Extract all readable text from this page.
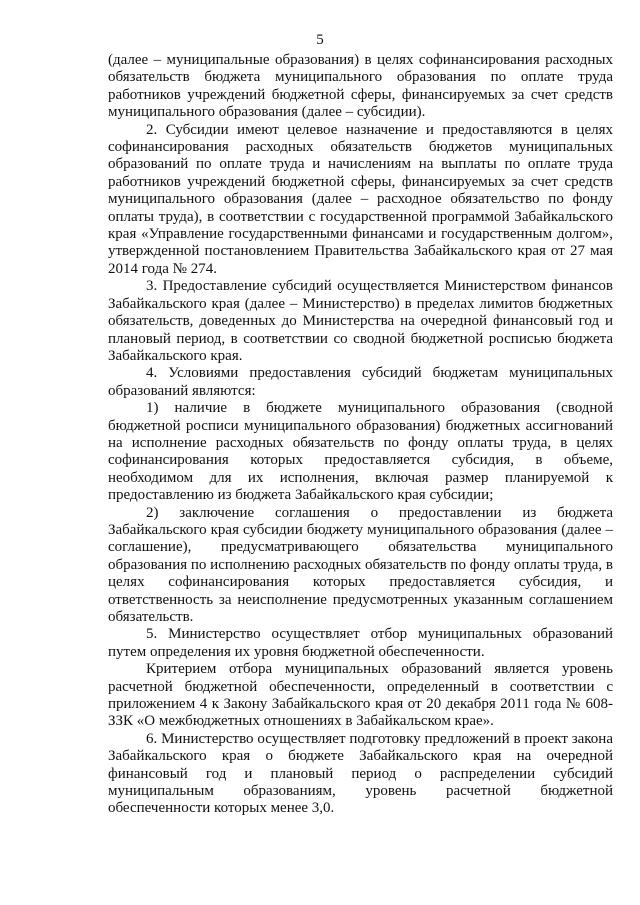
5

(далее – муниципальные образования) в целях софинансирования расходных обязательств бюджета муниципального образования по оплате труда работников учреждений бюджетной сферы, финансируемых за счет средств муниципального образования (далее – субсидии).

2. Субсидии имеют целевое назначение и предоставляются в целях софинансирования расходных обязательств бюджетов муниципальных образований по оплате труда и начислениям на выплаты по оплате труда работников учреждений бюджетной сферы, финансируемых за счет средств муниципального образования (далее – расходное обязательство по фонду оплаты труда), в соответствии с государственной программой Забайкальского края «Управление государственными финансами и государственным долгом», утвержденной постановлением Правительства Забайкальского края от 27 мая 2014 года № 274.

3. Предоставление субсидий осуществляется Министерством финансов Забайкальского края (далее – Министерство) в пределах лимитов бюджетных обязательств, доведенных до Министерства на очередной финансовый год и плановый период, в соответствии со сводной бюджетной росписью бюджета Забайкальского края.

4. Условиями предоставления субсидий бюджетам муниципальных образований являются:

1) наличие в бюджете муниципального образования (сводной бюджетной росписи муниципального образования) бюджетных ассигнований на исполнение расходных обязательств по фонду оплаты труда, в целях софинансирования которых предоставляется субсидия, в объеме, необходимом для их исполнения, включая размер планируемой к предоставлению из бюджета Забайкальского края субсидии;

2) заключение соглашения о предоставлении из бюджета Забайкальского края субсидии бюджету муниципального образования (далее – соглашение), предусматривающего обязательства муниципального образования по исполнению расходных обязательств по фонду оплаты труда, в целях софинансирования которых предоставляется субсидия, и ответственность за неисполнение предусмотренных указанным соглашением обязательств.

5. Министерство осуществляет отбор муниципальных образований путем определения их уровня бюджетной обеспеченности.

Критерием отбора муниципальных образований является уровень расчетной бюджетной обеспеченности, определенный в соответствии с приложением 4 к Закону Забайкальского края от 20 декабря 2011 года № 608-ЗЗК «О межбюджетных отношениях в Забайкальском крае».

6. Министерство осуществляет подготовку предложений в проект закона Забайкальского края о бюджете Забайкальского края на очередной финансовый год и плановый период о распределении субсидий муниципальным образованиям, уровень расчетной бюджетной обеспеченности которых менее 3,0.
